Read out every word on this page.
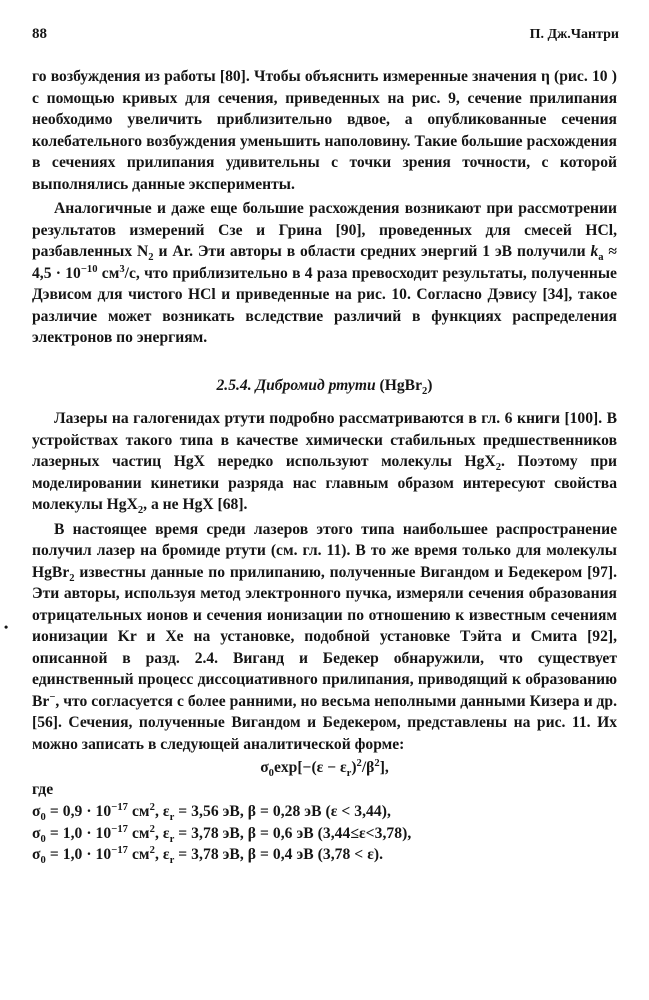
88	П. Дж.Чантри
•

го возбуждения из работы [80]. Чтобы объяснить измеренные значения η (рис. 10 ) с помощью кривых для сечения, приведенных на рис. 9, сечение прилипания необходимо увеличить приблизительно вдвое, а опубликованные сечения колебательного возбуждения уменьшить наполовину. Такие большие расхождения в сечениях прилипания удивительны с точки зрения точности, с которой выполнялись данные эксперименты.

Аналогичные и даже еще большие расхождения возникают при рассмотрении результатов измерений Сзе и Грина [90], проведенных для смесей HCl, разбавленных $N_2$ и Ar. Эти авторы в области средних энергий 1 эВ получили $k_a \approx 4,5 \cdot 10^{-10}$ $см^3/с$, что приблизительно в 4 раза превосходит результаты, полученные Дэвисом для чистого HCl и приведенные на рис. 10. Согласно Дэвису [34], такое различие может возникать вследствие различий в функциях распределения электронов по энергиям.

2.5.4. Дибромид ртути (HgBr$_2$)

Лазеры на галогенидах ртути подробно рассматриваются в гл. 6 книги [100]. В устройствах такого типа в качестве химически стабильных предшественников лазерных частиц HgX нередко используют молекулы HgX$_2$. Поэтому при моделировании кинетики разряда нас главным образом интересуют свойства молекулы HgX$_2$, а не HgX [68].

В настоящее время среди лазеров этого типа наибольшее распространение получил лазер на бромиде ртути (см. гл. 11). В то же время только для молекулы HgBr$_2$ известны данные по прилипанию, полученные Вигандом и Бедекером [97]. Эти авторы, используя метод электронного пучка, измеряли сечения образования отрицательных ионов и сечения ионизации по отношению к известным сечениям ионизации Kr и Xe на установке, подобной установке Тэйта и Смита [92], описанной в разд. 2.4. Виганд и Бедекер обнаружили, что существует единственный процесс диссоциативного прилипания, приводящий к образованию Br−, что согласуется с более ранними, но весьма неполными данными Кизера и др. [56]. Сечения, полученные Вигандом и Бедекером, представлены на рис. 11. Их можно записать в следующей аналитической форме:

$\sigma_0\exp[-(\varepsilon - \varepsilon_r)^2/\beta^2]$,

где

$\sigma_0 = 0,9 \cdot 10^{-17}$ $см^2$, $\varepsilon_r = 3,56$ эВ, β = 0,28 эВ (ε < 3,44),
$\sigma_0 = 1,0 \cdot 10^{-17}$ $см^2$, $\varepsilon_r = 3,78$ эВ, β = 0,6 эВ (3,44≤ε<3,78),
$\sigma_0 = 1,0 \cdot 10^{-17}$ $см^2$, $\varepsilon_r = 3,78$ эВ, β = 0,4 эВ (3,78 < ε).
